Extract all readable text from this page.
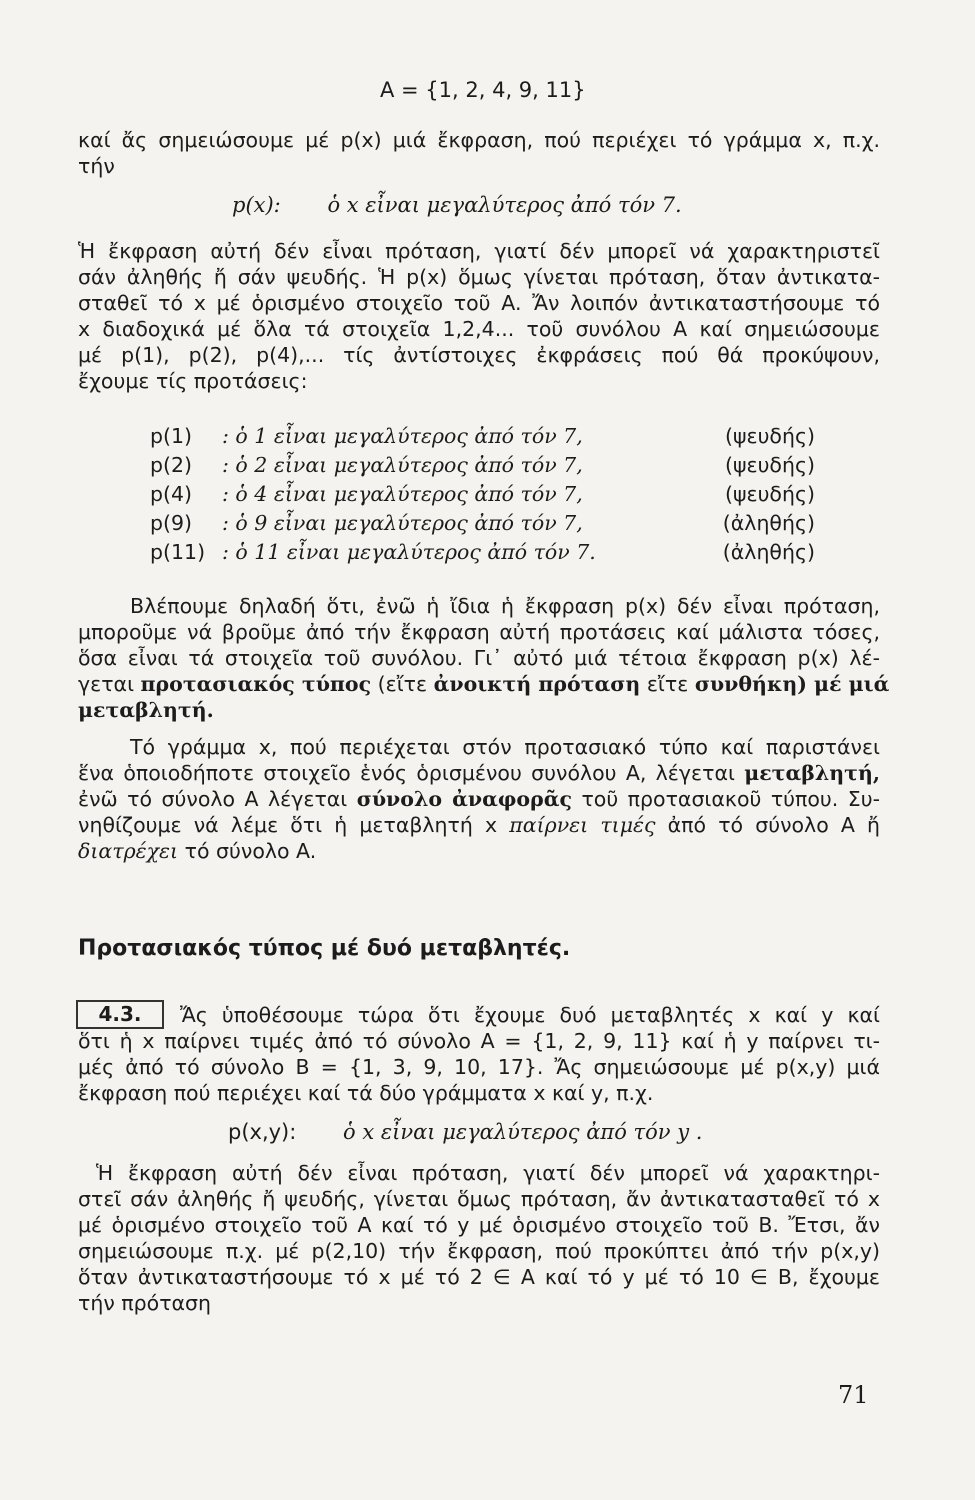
A = {1, 2, 4, 9, 11}
καί ἄς σημειώσουμε μέ p(x) μιά ἔκφραση, πού περιέχει τό γράμμα x, π.χ.
τήν
p(x): ὁ x εἶναι μεγαλύτερος ἀπό τόν 7.
Ἡ ἔκφραση αὐτή δέν εἶναι πρόταση, γιατί δέν μπορεῖ νά χαρακτηριστεῖ
σάν ἀληθής ἤ σάν ψευδής. Ἡ p(x) ὅμως γίνεται πρόταση, ὅταν ἀντικατα-
σταθεῖ τό x μέ ὁρισμένο στοιχεῖο τοῦ A. Ἄν λοιπόν ἀντικαταστήσουμε τό
x διαδοχικά μέ ὅλα τά στοιχεῖα 1,2,4... τοῦ συνόλου A καί σημειώσουμε
μέ p(1), p(2), p(4),... τίς ἀντίστοιχες ἐκφράσεις πού θά προκύψουν,
ἔχουμε τίς προτάσεις:
p(1) : ὁ 1 εἶναι μεγαλύτερος ἀπό τόν 7,	(ψευδής)
p(2) : ὁ 2 εἶναι μεγαλύτερος ἀπό τόν 7,	(ψευδής)
p(4) : ὁ 4 εἶναι μεγαλύτερος ἀπό τόν 7,	(ψευδής)
p(9) : ὁ 9 εἶναι μεγαλύτερος ἀπό τόν 7,	(ἀληθής)
p(11) : ὁ 11 εἶναι μεγαλύτερος ἀπό τόν 7.	(ἀληθής)
Βλέπουμε δηλαδή ὅτι, ἐνῶ ἡ ἴδια ἡ ἔκφραση p(x) δέν εἶναι πρόταση,
μποροῦμε νά βροῦμε ἀπό τήν ἔκφραση αὐτή προτάσεις καί μάλιστα τόσες,
ὅσα εἶναι τά στοιχεῖα τοῦ συνόλου. Γι᾽ αὐτό μιά τέτοια ἔκφραση p(x) λέ-
γεται προτασιακός τύπος (εἴτε ἀνοικτή πρόταση εἴτε συνθήκη) μέ μιά
μεταβλητή.
Τό γράμμα x, πού περιέχεται στόν προτασιακό τύπο καί παριστάνει
ἕνα ὁποιοδήποτε στοιχεῖο ἑνός ὁρισμένου συνόλου A, λέγεται μεταβλητή,
ἐνῶ τό σύνολο A λέγεται σύνολο ἀναφορᾶς τοῦ προτασιακοῦ τύπου. Συ-
νηθίζουμε νά λέμε ὅτι ἡ μεταβλητή x παίρνει τιμές ἀπό τό σύνολο A ἤ
διατρέχει τό σύνολο A.
Προτασιακός τύπος μέ δυό μεταβλητές.
4.3.	Ἄς ὑποθέσουμε τώρα ὅτι ἔχουμε δυό μεταβλητές x καί y καί
ὅτι ἡ x παίρνει τιμές ἀπό τό σύνολο A = {1, 2, 9, 11} καί ἡ y παίρνει τι-
μές ἀπό τό σύνολο B = {1, 3, 9, 10, 17}. Ἄς σημειώσουμε μέ p(x,y) μιά
ἔκφραση πού περιέχει καί τά δύο γράμματα x καί y, π.χ.
p(x,y): ὁ x εἶναι μεγαλύτερος ἀπό τόν y .
Ἡ ἔκφραση αὐτή δέν εἶναι πρόταση, γιατί δέν μπορεῖ νά χαρακτηρι-
στεῖ σάν ἀληθής ἤ ψευδής, γίνεται ὅμως πρόταση, ἄν ἀντικατασταθεῖ τό x
μέ ὁρισμένο στοιχεῖο τοῦ A καί τό y μέ ὁρισμένο στοιχεῖο τοῦ B. Ἔτσι, ἄν
σημειώσουμε π.χ. μέ p(2,10) τήν ἔκφραση, πού προκύπτει ἀπό τήν p(x,y)
ὅταν ἀντικαταστήσουμε τό x μέ τό 2 ∈ A καί τό y μέ τό 10 ∈ B, ἔχουμε
τήν πρόταση
71
